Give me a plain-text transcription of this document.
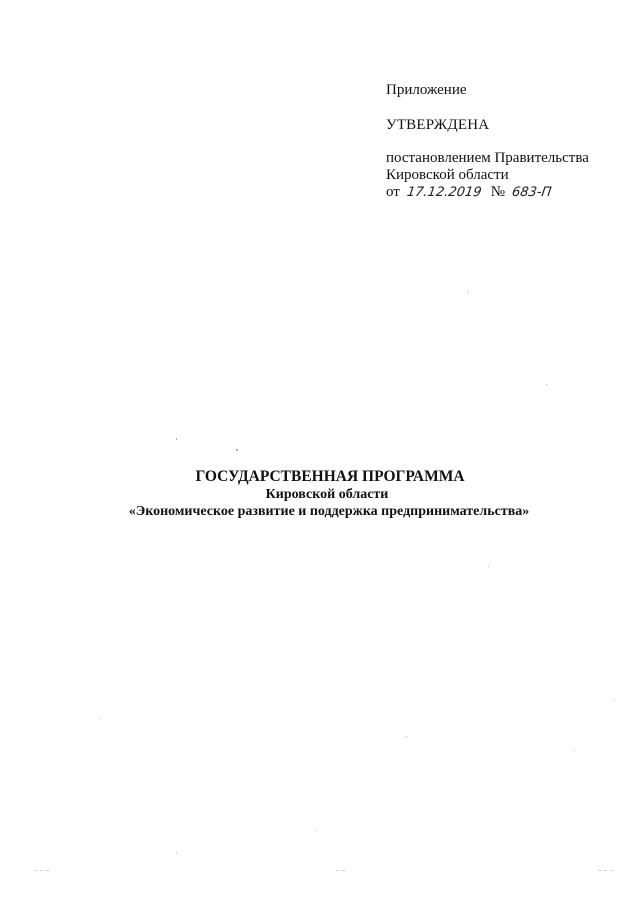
Приложение

УТВЕРЖДЕНА

постановлением Правительства
Кировской области
от 17.12.2019 № 683-П

ГОСУДАРСТВЕННАЯ ПРОГРАММА

Кировской области

«Экономическое развитие и поддержка предпринимательства»

— — —	— —	— — —
